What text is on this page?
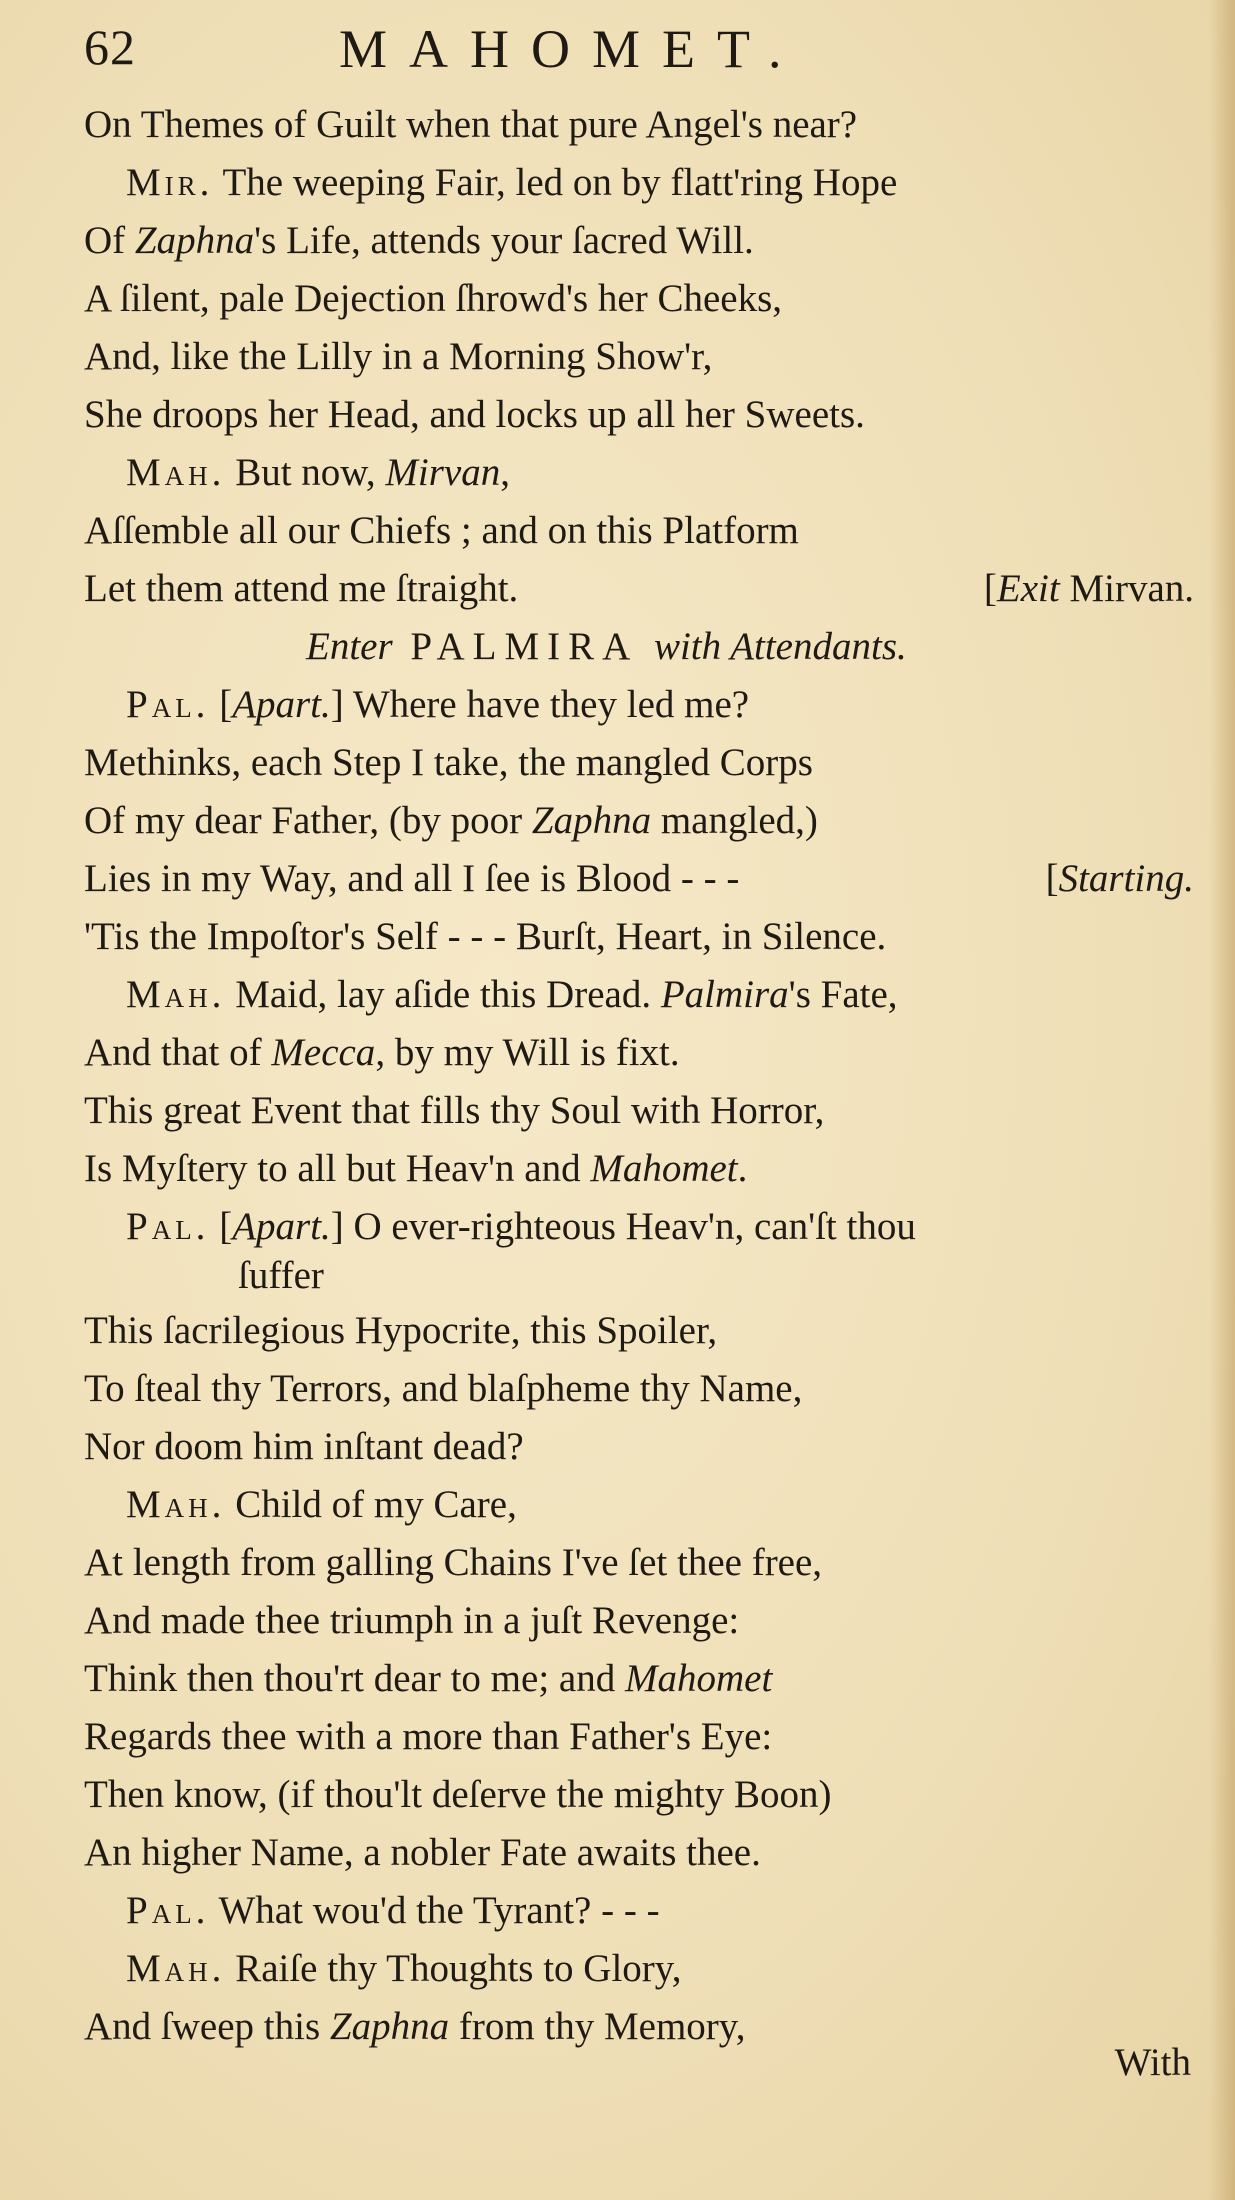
62	MAHOMET.
On Themes of Guilt when that pure Angel's near?
Mir. The weeping Fair, led on by flatt'ring Hope
Of Zaphna's Life, attends your ſacred Will.
A ſilent, pale Dejection ſhrowd's her Cheeks,
And, like the Lilly in a Morning Show'r,
She droops her Head, and locks up all her Sweets.
Mah. But now, Mirvan,
Aſſemble all our Chiefs ; and on this Platform
Let them attend me ſtraight.	[Exit Mirvan.
Enter PALMIRA with Attendants.
Pal. [Apart.] Where have they led me?
Methinks, each Step I take, the mangled Corps
Of my dear Father, (by poor Zaphna mangled,)
Lies in my Way, and all I ſee is Blood - - -	[Starting.
'Tis the Impoſtor's Self - - - Burſt, Heart, in Silence.
Mah. Maid, lay aſide this Dread. Palmira's Fate,
And that of Mecca, by my Will is fixt.
This great Event that fills thy Soul with Horror,
Is Myſtery to all but Heav'n and Mahomet.
Pal. [Apart.] O ever-righteous Heav'n, can'ſt thou
ſuffer
This ſacrilegious Hypocrite, this Spoiler,
To ſteal thy Terrors, and blaſpheme thy Name,
Nor doom him inſtant dead?
Mah. Child of my Care,
At length from galling Chains I've ſet thee free,
And made thee triumph in a juſt Revenge:
Think then thou'rt dear to me; and Mahomet
Regards thee with a more than Father's Eye:
Then know, (if thou'lt deſerve the mighty Boon)
An higher Name, a nobler Fate awaits thee.
Pal. What wou'd the Tyrant? - - -
Mah. Raiſe thy Thoughts to Glory,
And ſweep this Zaphna from thy Memory,
With
